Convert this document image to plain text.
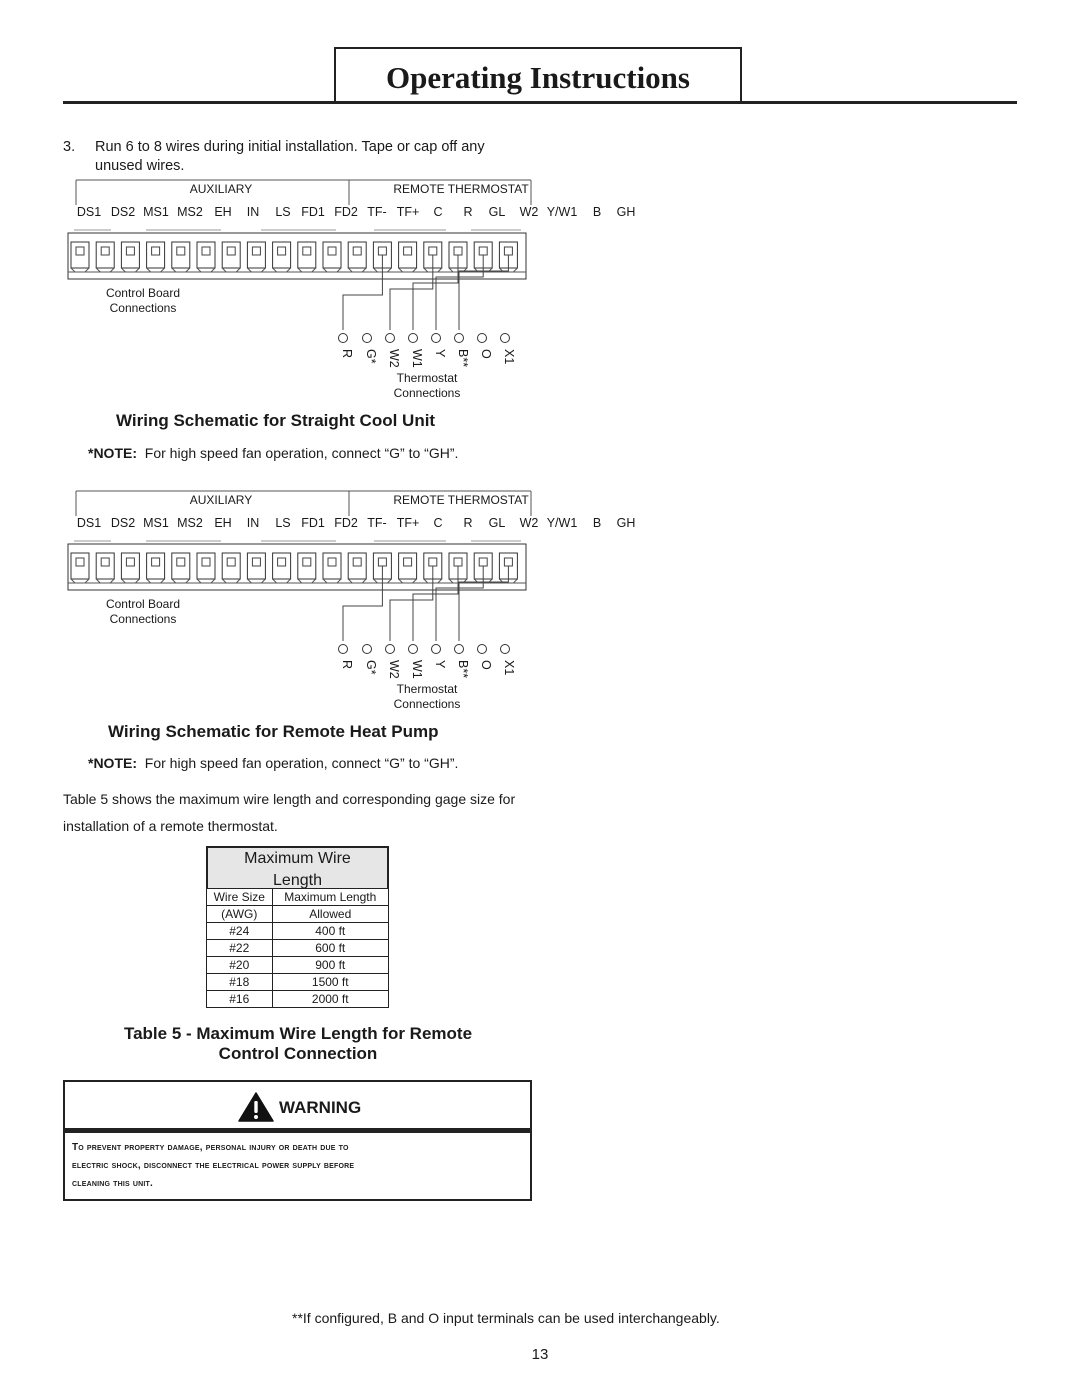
Operating Instructions
3. Run 6 to 8 wires during initial installation. Tape or cap off any unused wires.
AUXILIARY	REMOTE THERMOSTAT
DS1 DS2 MS1 MS2 EH IN LS FD1 FD2 TF- TF+ C R GL W2 Y/W1 B GH
Control Board
Connections
R G* W2 W1 Y B** O X1
Thermostat
Connections
Wiring Schematic for Straight Cool Unit
*NOTE: For high speed fan operation, connect “G” to “GH”.
AUXILIARY	REMOTE THERMOSTAT
DS1 DS2 MS1 MS2 EH IN LS FD1 FD2 TF- TF+ C R GL W2 Y/W1 B GH
Control Board
Connections
R G* W2 W1 Y B** O X1
Thermostat
Connections
Wiring Schematic for Remote Heat Pump
*NOTE: For high speed fan operation, connect “G” to “GH”.
Table 5 shows the maximum wire length and corresponding gage size for installation of a remote thermostat.
Maximum Wire
Length
Wire Size	Maximum Length
(AWG)	Allowed
#24	400 ft
#22	600 ft
#20	900 ft
#18	1500 ft
#16	2000 ft
Table 5 - Maximum Wire Length for Remote
Control Connection
WARNING
To prevent property damage, personal injury or death due to
electric shock, disconnect the electrical power supply before
cleaning this unit.
**If configured, B and O input terminals can be used interchangeably.
13
